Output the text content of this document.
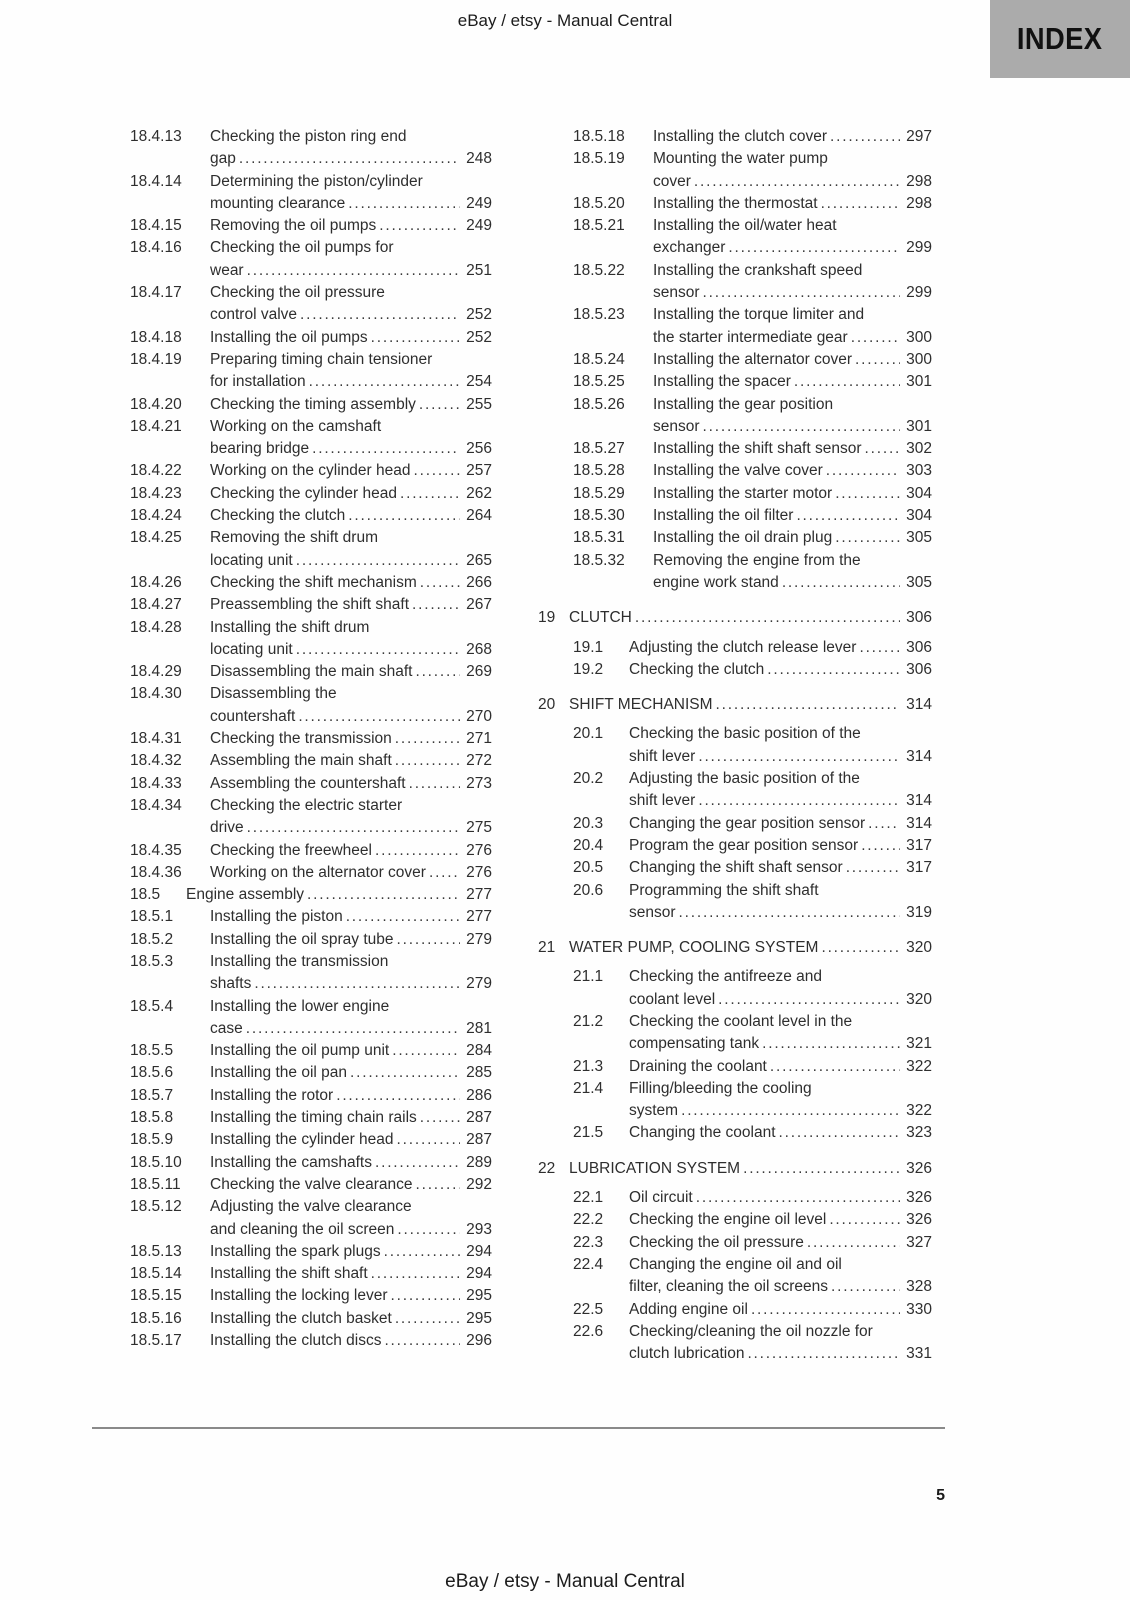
eBay / etsy - Manual Central
INDEX
18.4.13	Checking the piston ring end
gap .....	248
18.4.14	Determining the piston/cylinder
mounting clearance .....	249
18.4.15	Removing the oil pumps .....	249
18.4.16	Checking the oil pumps for
wear .....	251
18.4.17	Checking the oil pressure
control valve .....	252
18.4.18	Installing the oil pumps .....	252
18.4.19	Preparing timing chain tensioner
for installation .....	254
18.4.20	Checking the timing assembly .....	255
18.4.21	Working on the camshaft
bearing bridge .....	256
18.4.22	Working on the cylinder head .....	257
18.4.23	Checking the cylinder head .....	262
18.4.24	Checking the clutch .....	264
18.4.25	Removing the shift drum
locating unit .....	265
18.4.26	Checking the shift mechanism .....	266
18.4.27	Preassembling the shift shaft .....	267
18.4.28	Installing the shift drum
locating unit .....	268
18.4.29	Disassembling the main shaft .....	269
18.4.30	Disassembling the
countershaft .....	270
18.4.31	Checking the transmission .....	271
18.4.32	Assembling the main shaft .....	272
18.4.33	Assembling the countershaft .....	273
18.4.34	Checking the electric starter
drive .....	275
18.4.35	Checking the freewheel .....	276
18.4.36	Working on the alternator cover .....	276
18.5	Engine assembly .....	277
18.5.1	Installing the piston .....	277
18.5.2	Installing the oil spray tube .....	279
18.5.3	Installing the transmission
shafts .....	279
18.5.4	Installing the lower engine
case .....	281
18.5.5	Installing the oil pump unit .....	284
18.5.6	Installing the oil pan .....	285
18.5.7	Installing the rotor .....	286
18.5.8	Installing the timing chain rails .....	287
18.5.9	Installing the cylinder head .....	287
18.5.10	Installing the camshafts .....	289
18.5.11	Checking the valve clearance .....	292
18.5.12	Adjusting the valve clearance
and cleaning the oil screen .....	293
18.5.13	Installing the spark plugs .....	294
18.5.14	Installing the shift shaft .....	294
18.5.15	Installing the locking lever .....	295
18.5.16	Installing the clutch basket .....	295
18.5.17	Installing the clutch discs .....	296
18.5.18	Installing the clutch cover .....	297
18.5.19	Mounting the water pump
cover .....	298
18.5.20	Installing the thermostat .....	298
18.5.21	Installing the oil/water heat
exchanger .....	299
18.5.22	Installing the crankshaft speed
sensor .....	299
18.5.23	Installing the torque limiter and
the starter intermediate gear .....	300
18.5.24	Installing the alternator cover .....	300
18.5.25	Installing the spacer .....	301
18.5.26	Installing the gear position
sensor .....	301
18.5.27	Installing the shift shaft sensor .....	302
18.5.28	Installing the valve cover .....	303
18.5.29	Installing the starter motor .....	304
18.5.30	Installing the oil filter .....	304
18.5.31	Installing the oil drain plug .....	305
18.5.32	Removing the engine from the
engine work stand .....	305
19 CLUTCH .....	306
19.1	Adjusting the clutch release lever .....	306
19.2	Checking the clutch .....	306
20 SHIFT MECHANISM .....	314
20.1	Checking the basic position of the
shift lever .....	314
20.2	Adjusting the basic position of the
shift lever .....	314
20.3	Changing the gear position sensor .....	314
20.4	Program the gear position sensor .....	317
20.5	Changing the shift shaft sensor .....	317
20.6	Programming the shift shaft
sensor .....	319
21 WATER PUMP, COOLING SYSTEM .....	320
21.1	Checking the antifreeze and
coolant level .....	320
21.2	Checking the coolant level in the
compensating tank .....	321
21.3	Draining the coolant .....	322
21.4	Filling/bleeding the cooling
system .....	322
21.5	Changing the coolant .....	323
22 LUBRICATION SYSTEM .....	326
22.1	Oil circuit .....	326
22.2	Checking the engine oil level .....	326
22.3	Checking the oil pressure .....	327
22.4	Changing the engine oil and oil
filter, cleaning the oil screens .....	328
22.5	Adding engine oil .....	330
22.6	Checking/cleaning the oil nozzle for
clutch lubrication .....	331
5
eBay / etsy - Manual Central
